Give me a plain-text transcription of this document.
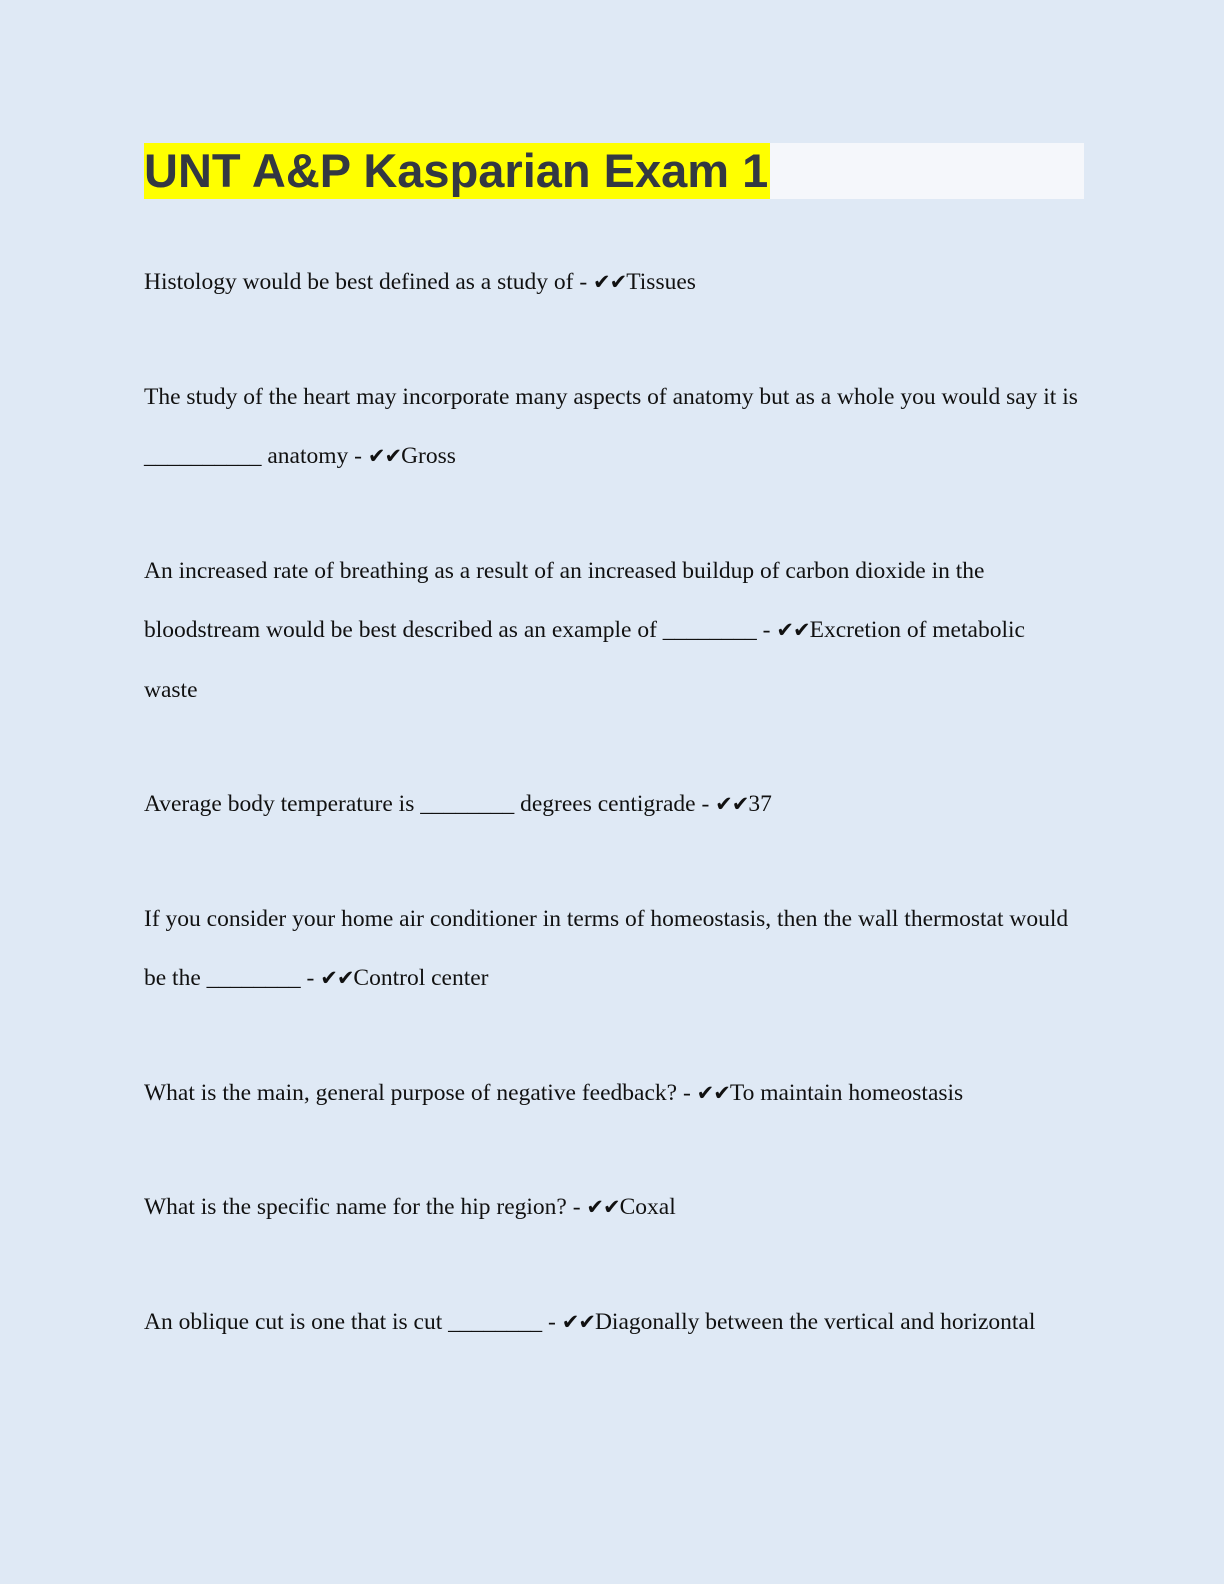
UNT A&P Kasparian Exam 1

Histology would be best defined as a study of - ✔✔Tissues

The study of the heart may incorporate many aspects of anatomy but as a whole you would say it is __________ anatomy - ✔✔Gross

An increased rate of breathing as a result of an increased buildup of carbon dioxide in the bloodstream would be best described as an example of ________ - ✔✔Excretion of metabolic waste

Average body temperature is ________ degrees centigrade - ✔✔37

If you consider your home air conditioner in terms of homeostasis, then the wall thermostat would be the ________ - ✔✔Control center

What is the main, general purpose of negative feedback? - ✔✔To maintain homeostasis

What is the specific name for the hip region? - ✔✔Coxal

An oblique cut is one that is cut ________ - ✔✔Diagonally between the vertical and horizontal
